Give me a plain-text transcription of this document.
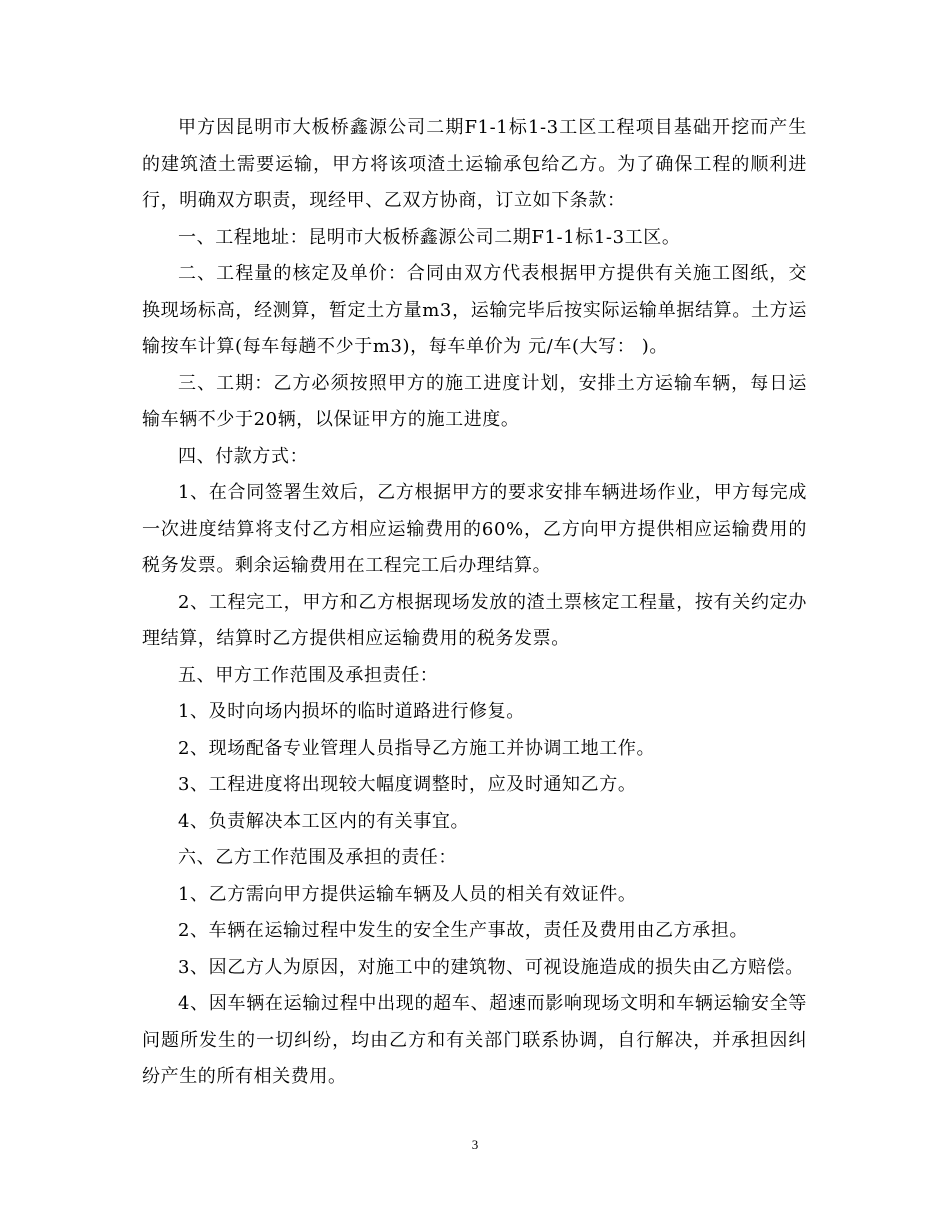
甲方因昆明市大板桥鑫源公司二期F1-1标1-3工区工程项目基础开挖而产生的建筑渣土需要运输，甲方将该项渣土运输承包给乙方。为了确保工程的顺利进行，明确双方职责，现经甲、乙双方协商，订立如下条款：

一、工程地址：昆明市大板桥鑫源公司二期F1-1标1-3工区。

二、工程量的核定及单价：合同由双方代表根据甲方提供有关施工图纸，交换现场标高，经测算，暂定土方量m3，运输完毕后按实际运输单据结算。土方运输按车计算(每车每趟不少于m3)，每车单价为 元/车(大写： )。

三、工期：乙方必须按照甲方的施工进度计划，安排土方运输车辆，每日运输车辆不少于20辆，以保证甲方的施工进度。

四、付款方式：

1、在合同签署生效后，乙方根据甲方的要求安排车辆进场作业，甲方每完成一次进度结算将支付乙方相应运输费用的60%，乙方向甲方提供相应运输费用的税务发票。剩余运输费用在工程完工后办理结算。

2、工程完工，甲方和乙方根据现场发放的渣土票核定工程量，按有关约定办理结算，结算时乙方提供相应运输费用的税务发票。

五、甲方工作范围及承担责任：

1、及时向场内损坏的临时道路进行修复。

2、现场配备专业管理人员指导乙方施工并协调工地工作。

3、工程进度将出现较大幅度调整时，应及时通知乙方。

4、负责解决本工区内的有关事宜。

六、乙方工作范围及承担的责任：

1、乙方需向甲方提供运输车辆及人员的相关有效证件。

2、车辆在运输过程中发生的安全生产事故，责任及费用由乙方承担。

3、因乙方人为原因，对施工中的建筑物、可视设施造成的损失由乙方赔偿。

4、因车辆在运输过程中出现的超车、超速而影响现场文明和车辆运输安全等问题所发生的一切纠纷，均由乙方和有关部门联系协调，自行解决，并承担因纠纷产生的所有相关费用。

3
